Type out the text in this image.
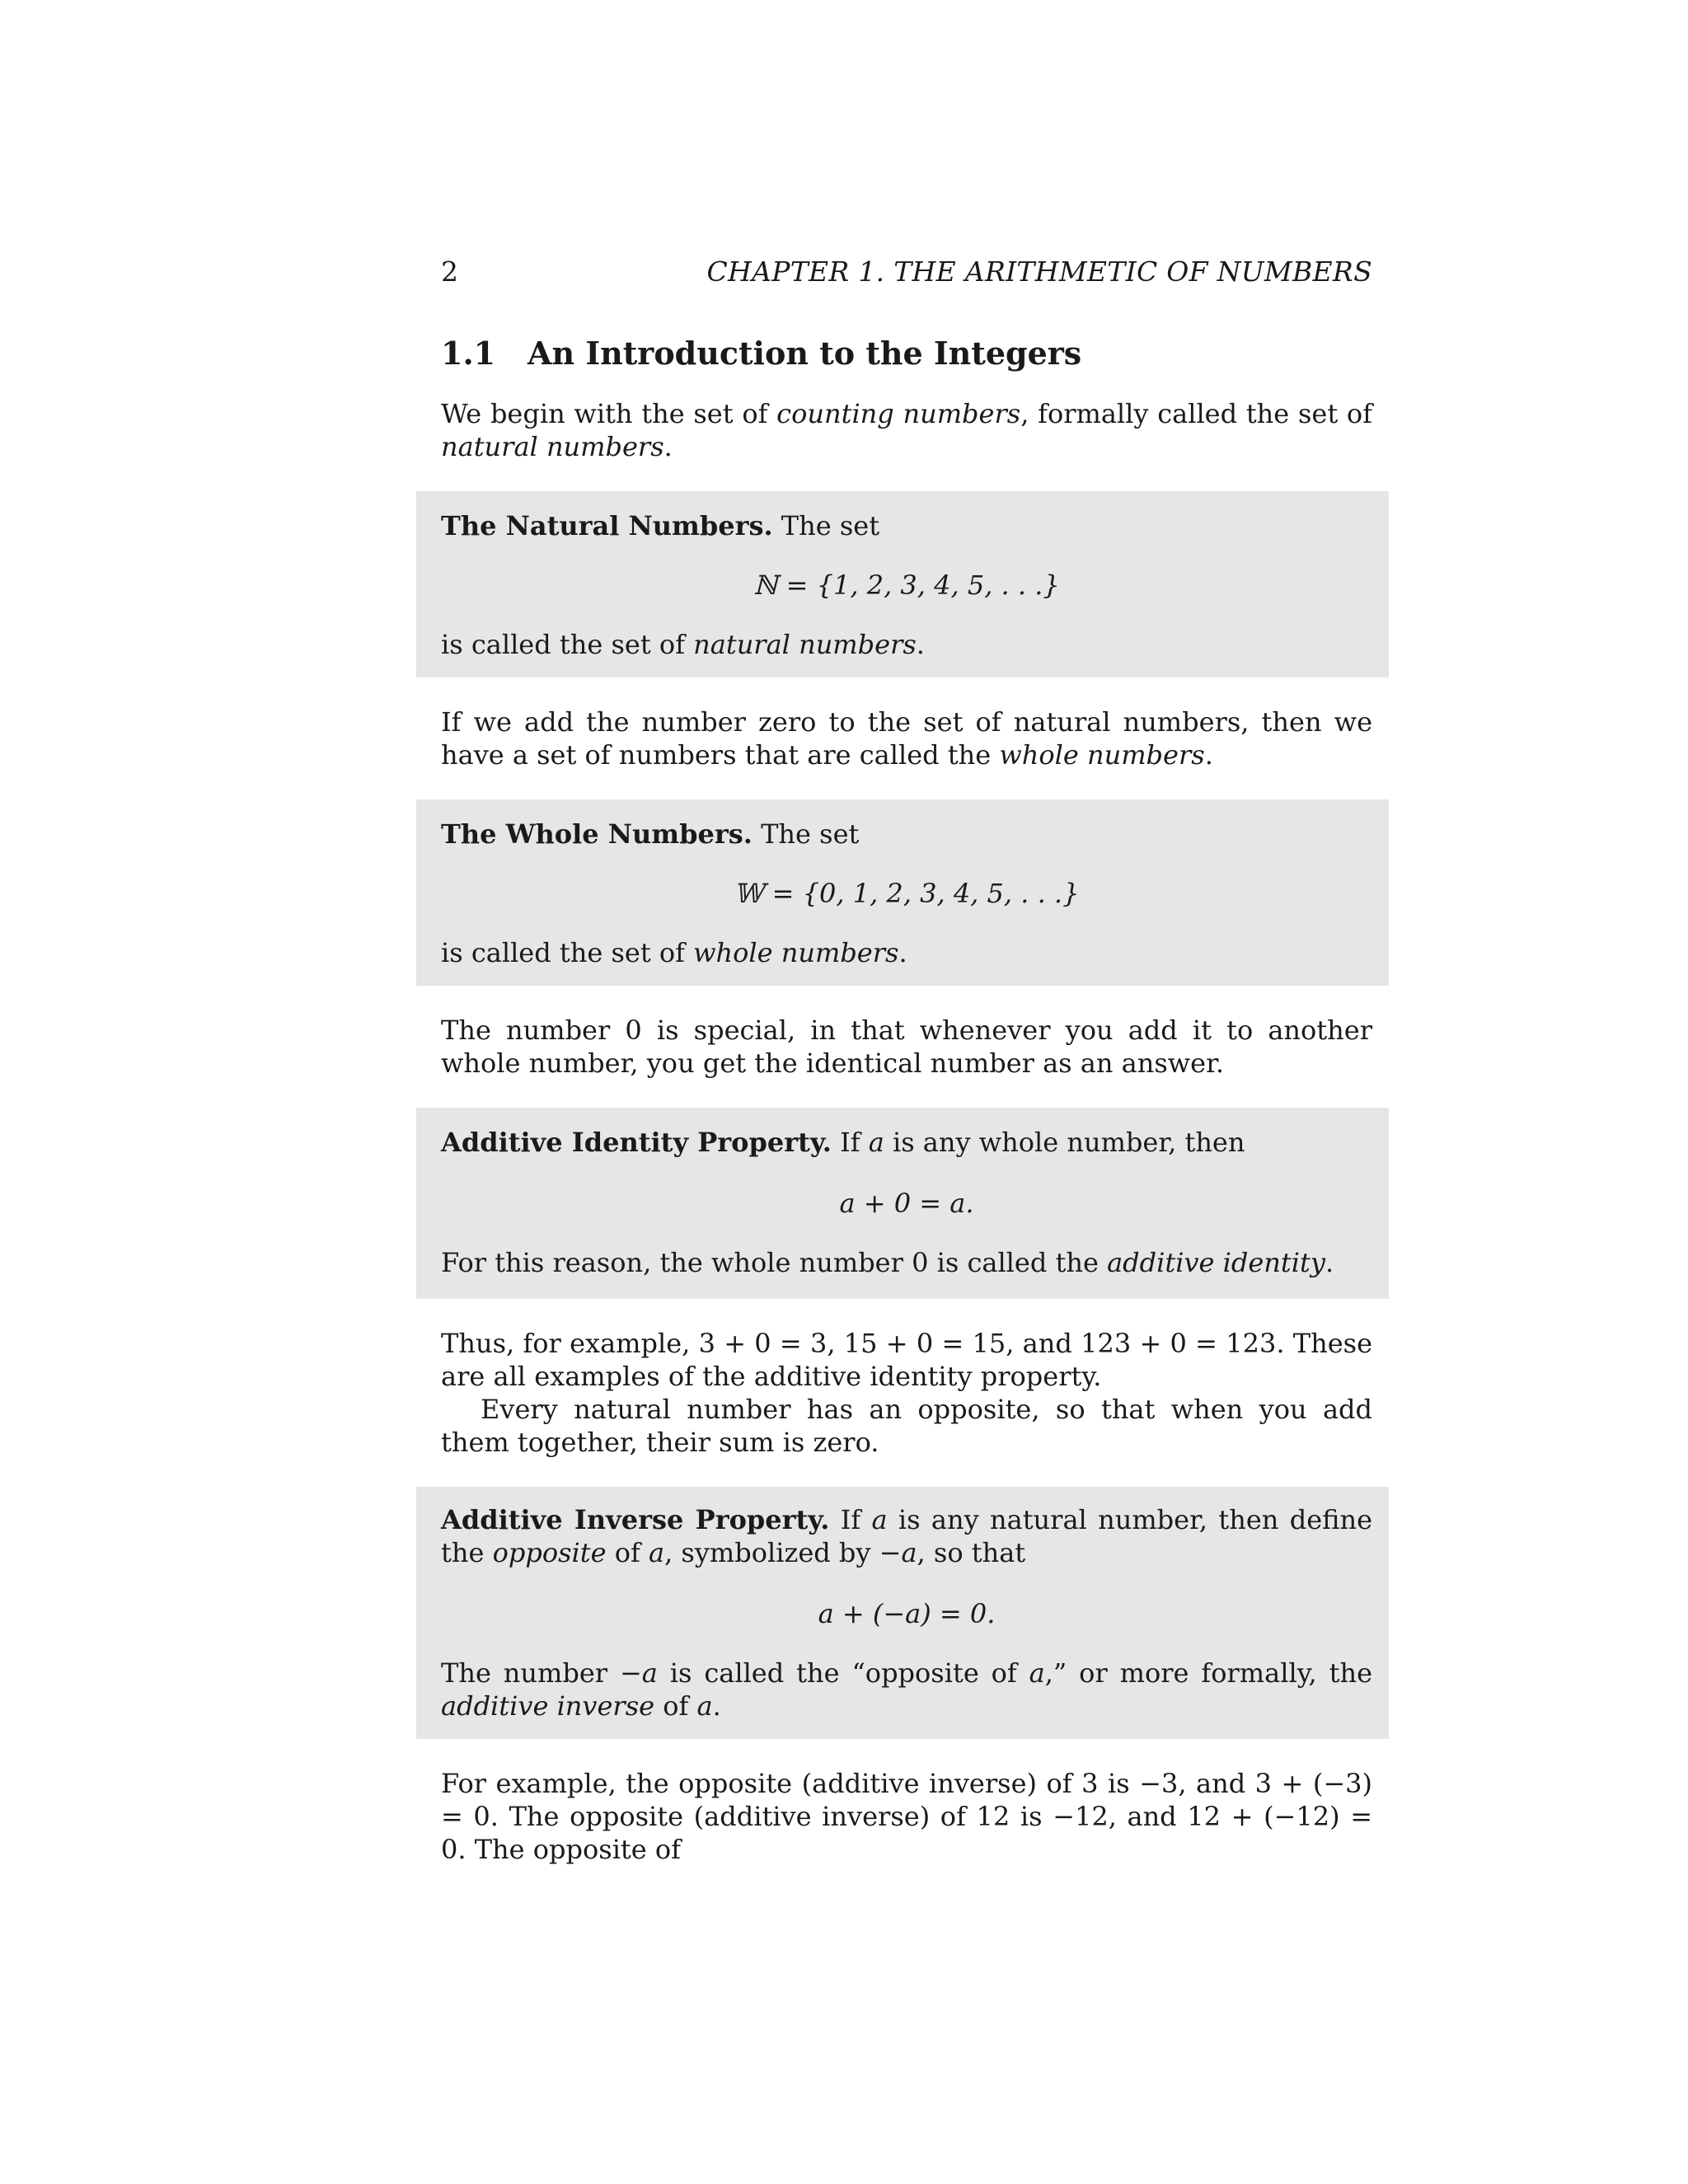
2	CHAPTER 1. THE ARITHMETIC OF NUMBERS
1.1 An Introduction to the Integers
We begin with the set of counting numbers, formally called the set of natural numbers.
The Natural Numbers. The set
ℕ = {1, 2, 3, 4, 5, . . .}
is called the set of natural numbers.
If we add the number zero to the set of natural numbers, then we have a set of numbers that are called the whole numbers.
The Whole Numbers. The set
𝕎 = {0, 1, 2, 3, 4, 5, . . .}
is called the set of whole numbers.
The number 0 is special, in that whenever you add it to another whole number, you get the identical number as an answer.
Additive Identity Property. If a is any whole number, then
a + 0 = a.
For this reason, the whole number 0 is called the additive identity.
Thus, for example, 3 + 0 = 3, 15 + 0 = 15, and 123 + 0 = 123. These are all examples of the additive identity property.
Every natural number has an opposite, so that when you add them together, their sum is zero.
Additive Inverse Property. If a is any natural number, then define the opposite of a, symbolized by −a, so that
a + (−a) = 0.
The number −a is called the “opposite of a,” or more formally, the additive inverse of a.
For example, the opposite (additive inverse) of 3 is −3, and 3 + (−3) = 0. The opposite (additive inverse) of 12 is −12, and 12 + (−12) = 0. The opposite of
